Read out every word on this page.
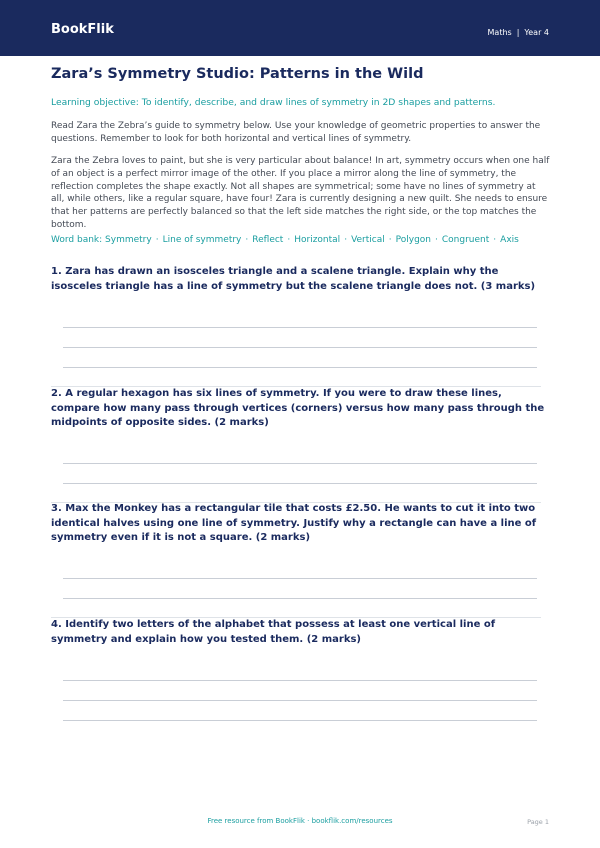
BookFlik	Maths | Year 4
Zara’s Symmetry Studio: Patterns in the Wild
Learning objective: To identify, describe, and draw lines of symmetry in 2D shapes and patterns.

Read Zara the Zebra’s guide to symmetry below. Use your knowledge of geometric properties to answer the questions. Remember to look for both horizontal and vertical lines of symmetry.

Zara the Zebra loves to paint, but she is very particular about balance! In art, symmetry occurs when one half of an object is a perfect mirror image of the other. If you place a mirror along the line of symmetry, the reflection completes the shape exactly. Not all shapes are symmetrical; some have no lines of symmetry at all, while others, like a regular square, have four! Zara is currently designing a new quilt. She needs to ensure that her patterns are perfectly balanced so that the left side matches the right side, or the top matches the bottom.

Word bank: Symmetry · Line of symmetry · Reflect · Horizontal · Vertical · Polygon · Congruent · Axis

1. Zara has drawn an isosceles triangle and a scalene triangle. Explain why the isosceles triangle has a line of symmetry but the scalene triangle does not. (3 marks)

2. A regular hexagon has six lines of symmetry. If you were to draw these lines, compare how many pass through vertices (corners) versus how many pass through the midpoints of opposite sides. (2 marks)

3. Max the Monkey has a rectangular tile that costs £2.50. He wants to cut it into two identical halves using one line of symmetry. Justify why a rectangle can have a line of symmetry even if it is not a square. (2 marks)

4. Identify two letters of the alphabet that possess at least one vertical line of symmetry and explain how you tested them. (2 marks)

Free resource from BookFlik · bookflik.com/resources	Page 1
